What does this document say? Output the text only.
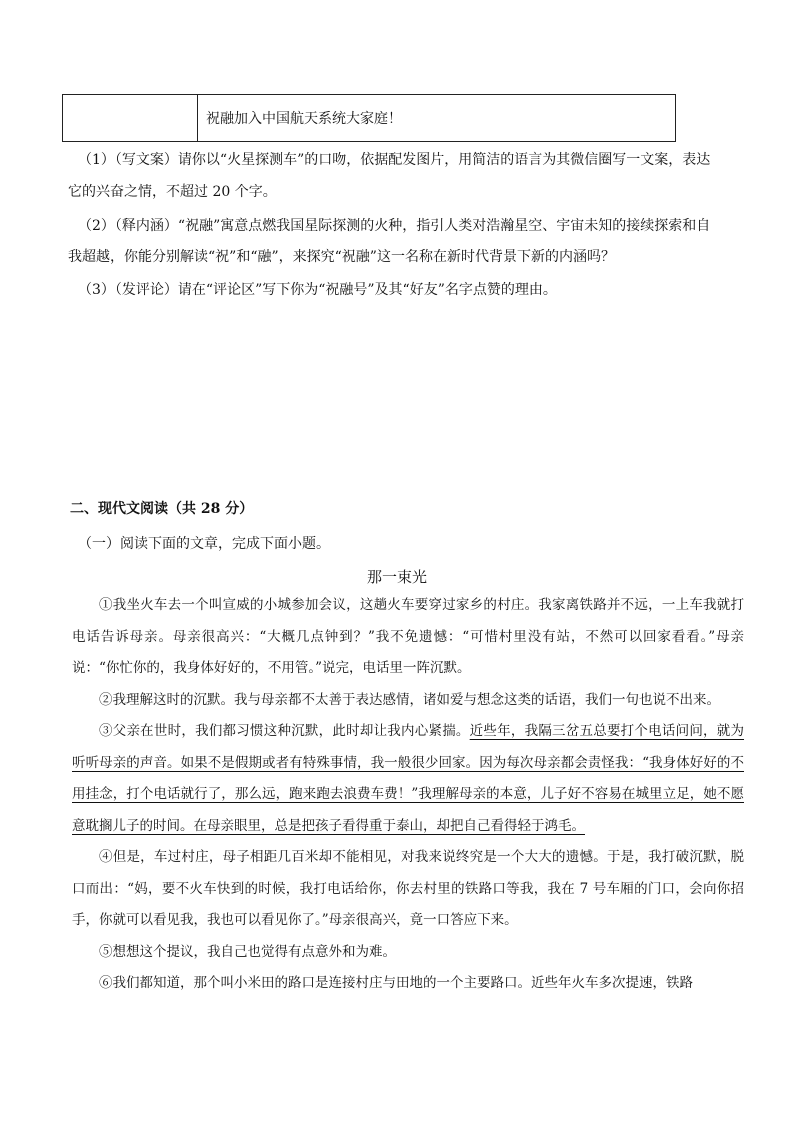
祝融加入中国航天系统大家庭！
（1）（写文案）请你以“火星探测车”的口吻，依据配发图片，用简洁的语言为其微信圈写一文案，表达
它的兴奋之情，不超过 20 个字。
（2）（释内涵）“祝融”寓意点燃我国星际探测的火种，指引人类对浩瀚星空、宇宙未知的接续探索和自
我超越，你能分别解读“祝”和“融”，来探究“祝融”这一名称在新时代背景下新的内涵吗？
（3）（发评论）请在“评论区”写下你为“祝融号”及其“好友”名字点赞的理由。
二、现代文阅读（共 28 分）
（一）阅读下面的文章，完成下面小题。
那一束光

①我坐火车去一个叫宣威的小城参加会议，这趟火车要穿过家乡的村庄。我家离铁路并不远，一上车我就打电话告诉母亲。母亲很高兴：“大概几点钟到？”我不免遗憾：“可惜村里没有站，不然可以回家看看。”母亲说：“你忙你的，我身体好好的，不用管。”说完，电话里一阵沉默。

②我理解这时的沉默。我与母亲都不太善于表达感情，诸如爱与想念这类的话语，我们一句也说不出来。

③父亲在世时，我们都习惯这种沉默，此时却让我内心紧揣。近些年，我隔三岔五总要打个电话问问，就为听听母亲的声音。如果不是假期或者有特殊事情，我一般很少回家。因为每次母亲都会责怪我：“我身体好好的不用挂念，打个电话就行了，那么远，跑来跑去浪费车费！”我理解母亲的本意，儿子好不容易在城里立足，她不愿意耽搁儿子的时间。在母亲眼里，总是把孩子看得重于泰山，却把自己看得轻于鸿毛。

④但是，车过村庄，母子相距几百米却不能相见，对我来说终究是一个大大的遗憾。于是，我打破沉默，脱口而出：“妈，要不火车快到的时候，我打电话给你，你去村里的铁路口等我，我在 7 号车厢的门口，会向你招手，你就可以看见我，我也可以看见你了。”母亲很高兴，竟一口答应下来。

⑤想想这个提议，我自己也觉得有点意外和为难。

⑥我们都知道，那个叫小米田的路口是连接村庄与田地的一个主要路口。近些年火车多次提速，铁路
